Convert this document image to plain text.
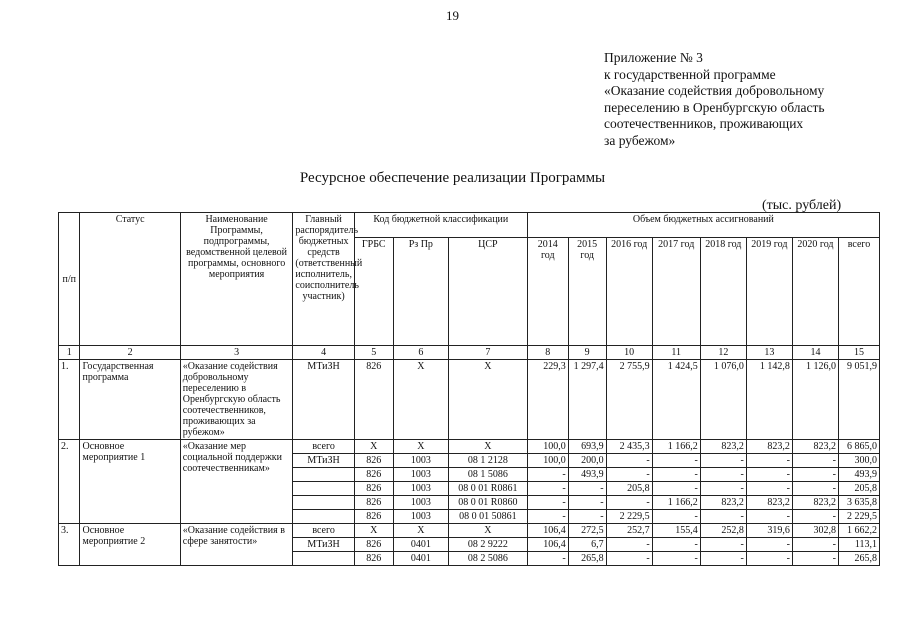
19
Приложение № 3
к государственной программе
«Оказание содействия добровольному
переселению в Оренбургскую область
соотечественников, проживающих
за рубежом»
Ресурсное обеспечение реализации Программы
(тыс. рублей)
п/п	Статус	Наименование Программы, подпрограммы, ведомственной целевой программы, основного мероприятия	Главный распорядитель бюджетных средств (ответственный исполнитель, соисполнитель участник)	Код бюджетной классификации			Объем бюджетных ассигнований							
				ГРБС	Рз Пр	ЦСР	2014 год	2015 год	2016 год	2017 год	2018 год	2019 год	2020 год	всего
1	2	3	4	5	6	7	8	9	10	11	12	13	14	15
1.	Государственная программа	«Оказание содействия добровольному переселению в Оренбургскую область соотечественников, проживающих за рубежом»	МТиЗН	826	Х	Х	229,3	1 297,4	2 755,9	1 424,5	1 076,0	1 142,8	1 126,0	9 051,9
2.	Основное мероприятие 1	«Оказание мер социальной поддержки соотечественникам»	всего	Х	Х	Х	100,0	693,9	2 435,3	1 166,2	823,2	823,2	823,2	6 865,0
			МТиЗН	826	1003	08 1 2128	100,0	200,0	-	-	-	-	-	300,0
				826	1003	08 1 5086	-	493,9	-	-	-	-	-	493,9
				826	1003	08 0 01 R0861	-	-	205,8	-	-	-	-	205,8
				826	1003	08 0 01 R0860	-	-	-	1 166,2	823,2	823,2	823,2	3 635,8
				826	1003	08 0 01 50861	-	-	2 229,5	-	-	-	-	2 229,5
3.	Основное мероприятие 2	«Оказание содействия в сфере занятости»	всего	Х	Х	Х	106,4	272,5	252,7	155,4	252,8	319,6	302,8	1 662,2
			МТиЗН	826	0401	08 2 9222	106,4	6,7	-	-	-	-	-	113,1
				826	0401	08 2 5086	-	265,8	-	-	-	-	-	265,8
